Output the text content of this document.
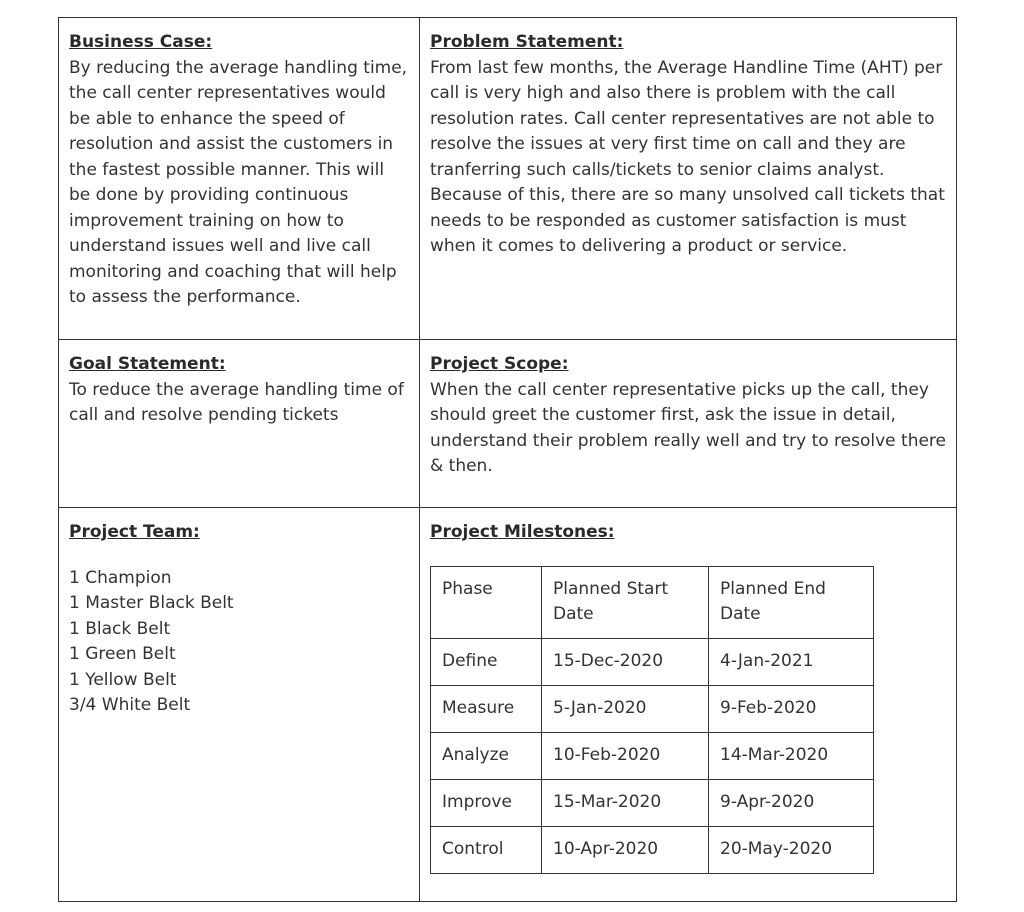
Business Case:
By reducing the average handling time, the call center representatives would be able to enhance the speed of resolution and assist the customers in the fastest possible manner. This will be done by providing continuous improvement training on how to understand issues well and live call monitoring and coaching that will help to assess the performance.

Problem Statement:
From last few months, the Average Handline Time (AHT) per call is very high and also there is problem with the call resolution rates. Call center representatives are not able to resolve the issues at very first time on call and they are tranferring such calls/tickets to senior claims analyst. Because of this, there are so many unsolved call tickets that needs to be responded as customer satisfaction is must when it comes to delivering a product or service.

Goal Statement:
To reduce the average handling time of call and resolve pending tickets

Project Scope:
When the call center representative picks up the call, they should greet the customer first, ask the issue in detail, understand their problem really well and try to resolve there & then.

Project Team:
1 Champion
1 Master Black Belt
1 Black Belt
1 Green Belt
1 Yellow Belt
3/4 White Belt

Project Milestones:
Phase	Planned Start Date	Planned End Date
Define	15-Dec-2020	4-Jan-2021
Measure	5-Jan-2020	9-Feb-2020
Analyze	10-Feb-2020	14-Mar-2020
Improve	15-Mar-2020	9-Apr-2020
Control	10-Apr-2020	20-May-2020
